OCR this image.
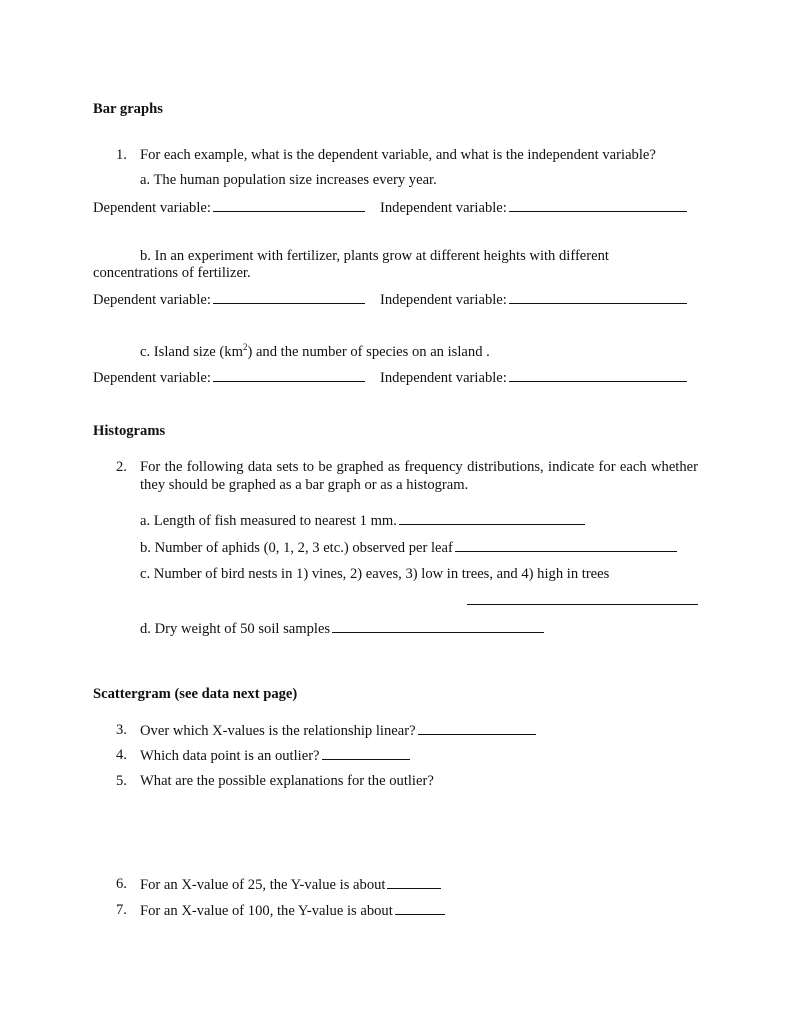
Bar graphs
1. For each example, what is the dependent variable, and what is the independent variable?
a. The human population size increases every year.
Dependent variable:	Independent variable:
b. In an experiment with fertilizer, plants grow at different heights with different
concentrations of fertilizer.
Dependent variable:	Independent variable:
c. Island size $(km^2)$ and the number of species on an island .
Dependent variable:	Independent variable:
Histograms
2. For the following data sets to be graphed as frequency distributions, indicate for each whether they should be graphed as a bar graph or as a histogram.
a. Length of fish measured to nearest 1 mm.
b. Number of aphids (0, 1, 2, 3 etc.) observed per leaf
c. Number of bird nests in 1) vines, 2) eaves, 3) low in trees, and 4) high in trees
d. Dry weight of 50 soil samples
Scattergram (see data next page)
3. Over which X-values is the relationship linear?
4. Which data point is an outlier?
5. What are the possible explanations for the outlier?
6. For an X-value of 25, the Y-value is about
7. For an X-value of 100, the Y-value is about
